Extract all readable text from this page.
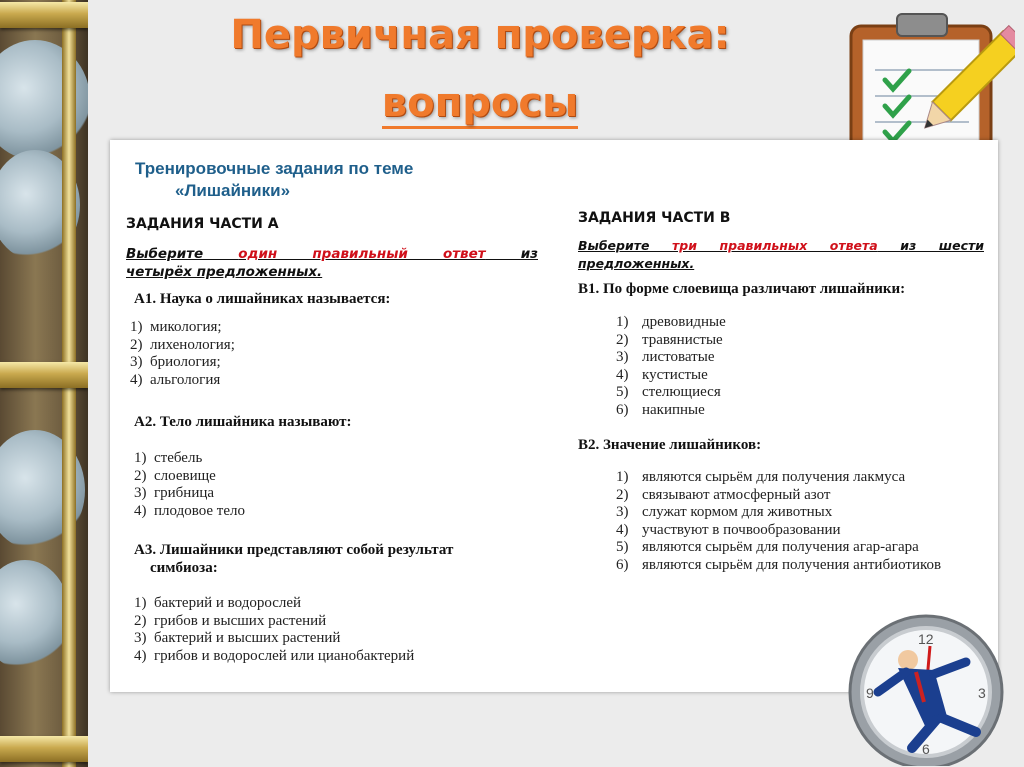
Первичная проверка:
вопросы
Тренировочные задания по теме
«Лишайники»
ЗАДАНИЯ ЧАСТИ А
Выберите один правильный ответ из
четырёх предложенных.
А1. Наука о лишайниках называется:
1) микология;
2) лихенология;
3) бриология;
4) альгология
А2. Тело лишайника называют:
1) стебель
2) слоевище
3) грибница
4) плодовое тело
А3. Лишайники представляют собой результат
симбиоза:
1) бактерий и водорослей
2) грибов и высших растений
3) бактерий и высших растений
4) грибов и водорослей или цианобактерий
ЗАДАНИЯ ЧАСТИ В
Выберите три правильных ответа из шести
предложенных.
В1. По форме слоевища различают лишайники:
1) древовидные
2) травянистые
3) листоватые
4) кустистые
5) стелющиеся
6) накипные
В2. Значение лишайников:
1) являются сырьём для получения лакмуса
2) связывают атмосферный азот
3) служат кормом для животных
4) участвуют в почвообразовании
5) являются сырьём для получения агар-агара
6) являются сырьём для получения антибиотиков
12
3
6
9
